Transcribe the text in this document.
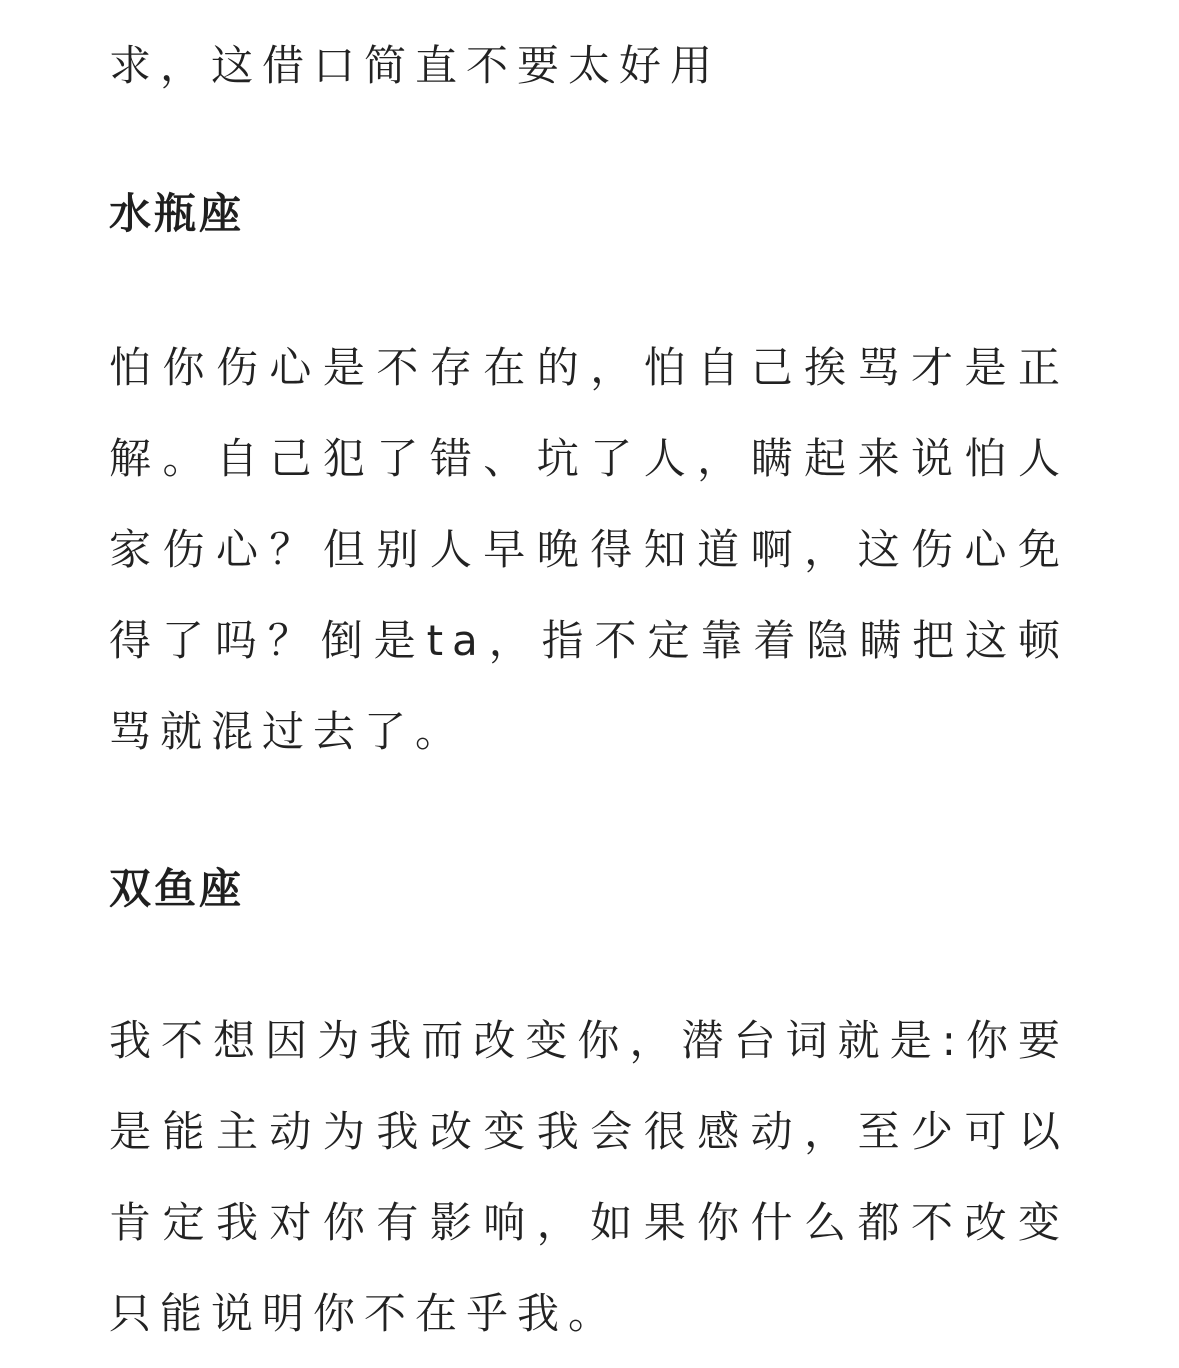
求，这借口简直不要太好用

水瓶座

怕你伤心是不存在的，怕自己挨骂才是正解。自己犯了错、坑了人，瞒起来说怕人家伤心？但别人早晚得知道啊，这伤心免得了吗？倒是ta，指不定靠着隐瞒把这顿骂就混过去了。

双鱼座

我不想因为我而改变你，潜台词就是:你要是能主动为我改变我会很感动，至少可以肯定我对你有影响，如果你什么都不改变只能说明你不在乎我。
